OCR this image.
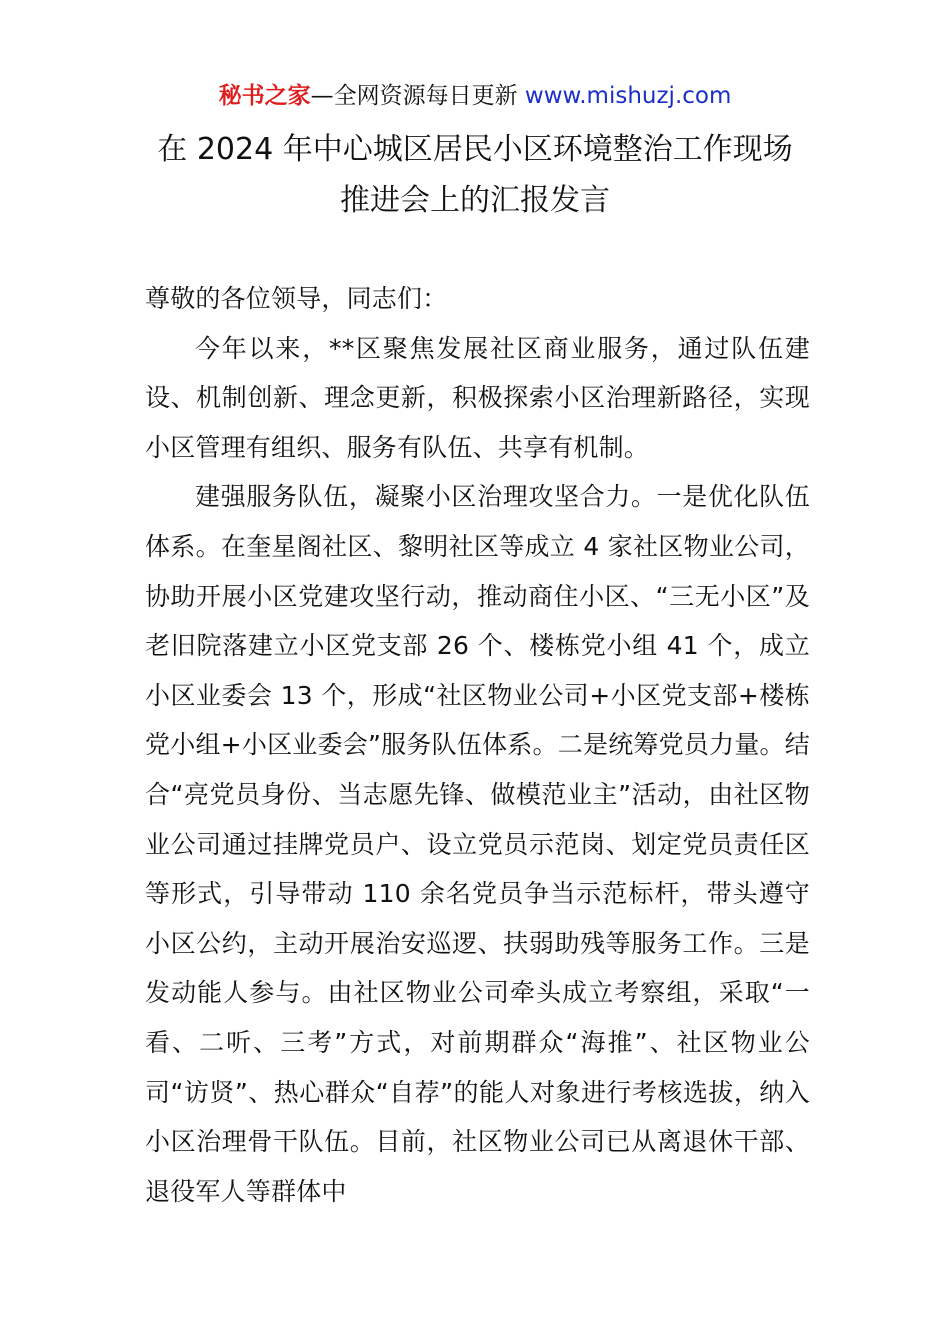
秘书之家—全网资源每日更新 www.mishuzj.com
在 2024 年中心城区居民小区环境整治工作现场
推进会上的汇报发言

尊敬的各位领导，同志们：

今年以来，**区聚焦发展社区商业服务，通过队伍建设、机制创新、理念更新，积极探索小区治理新路径，实现小区管理有组织、服务有队伍、共享有机制。

建强服务队伍，凝聚小区治理攻坚合力。一是优化队伍体系。在奎星阁社区、黎明社区等成立 4 家社区物业公司，协助开展小区党建攻坚行动，推动商住小区、“三无小区”及老旧院落建立小区党支部 26 个、楼栋党小组 41 个，成立小区业委会 13 个，形成“社区物业公司+小区党支部+楼栋党小组+小区业委会”服务队伍体系。二是统筹党员力量。结合“亮党员身份、当志愿先锋、做模范业主”活动，由社区物业公司通过挂牌党员户、设立党员示范岗、划定党员责任区等形式，引导带动 110 余名党员争当示范标杆，带头遵守小区公约，主动开展治安巡逻、扶弱助残等服务工作。三是发动能人参与。由社区物业公司牵头成立考察组，采取“一看、二听、三考”方式，对前期群众“海推”、社区物业公司“访贤”、热心群众“自荐”的能人对象进行考核选拔，纳入小区治理骨干队伍。目前，社区物业公司已从离退休干部、退役军人等群体中
